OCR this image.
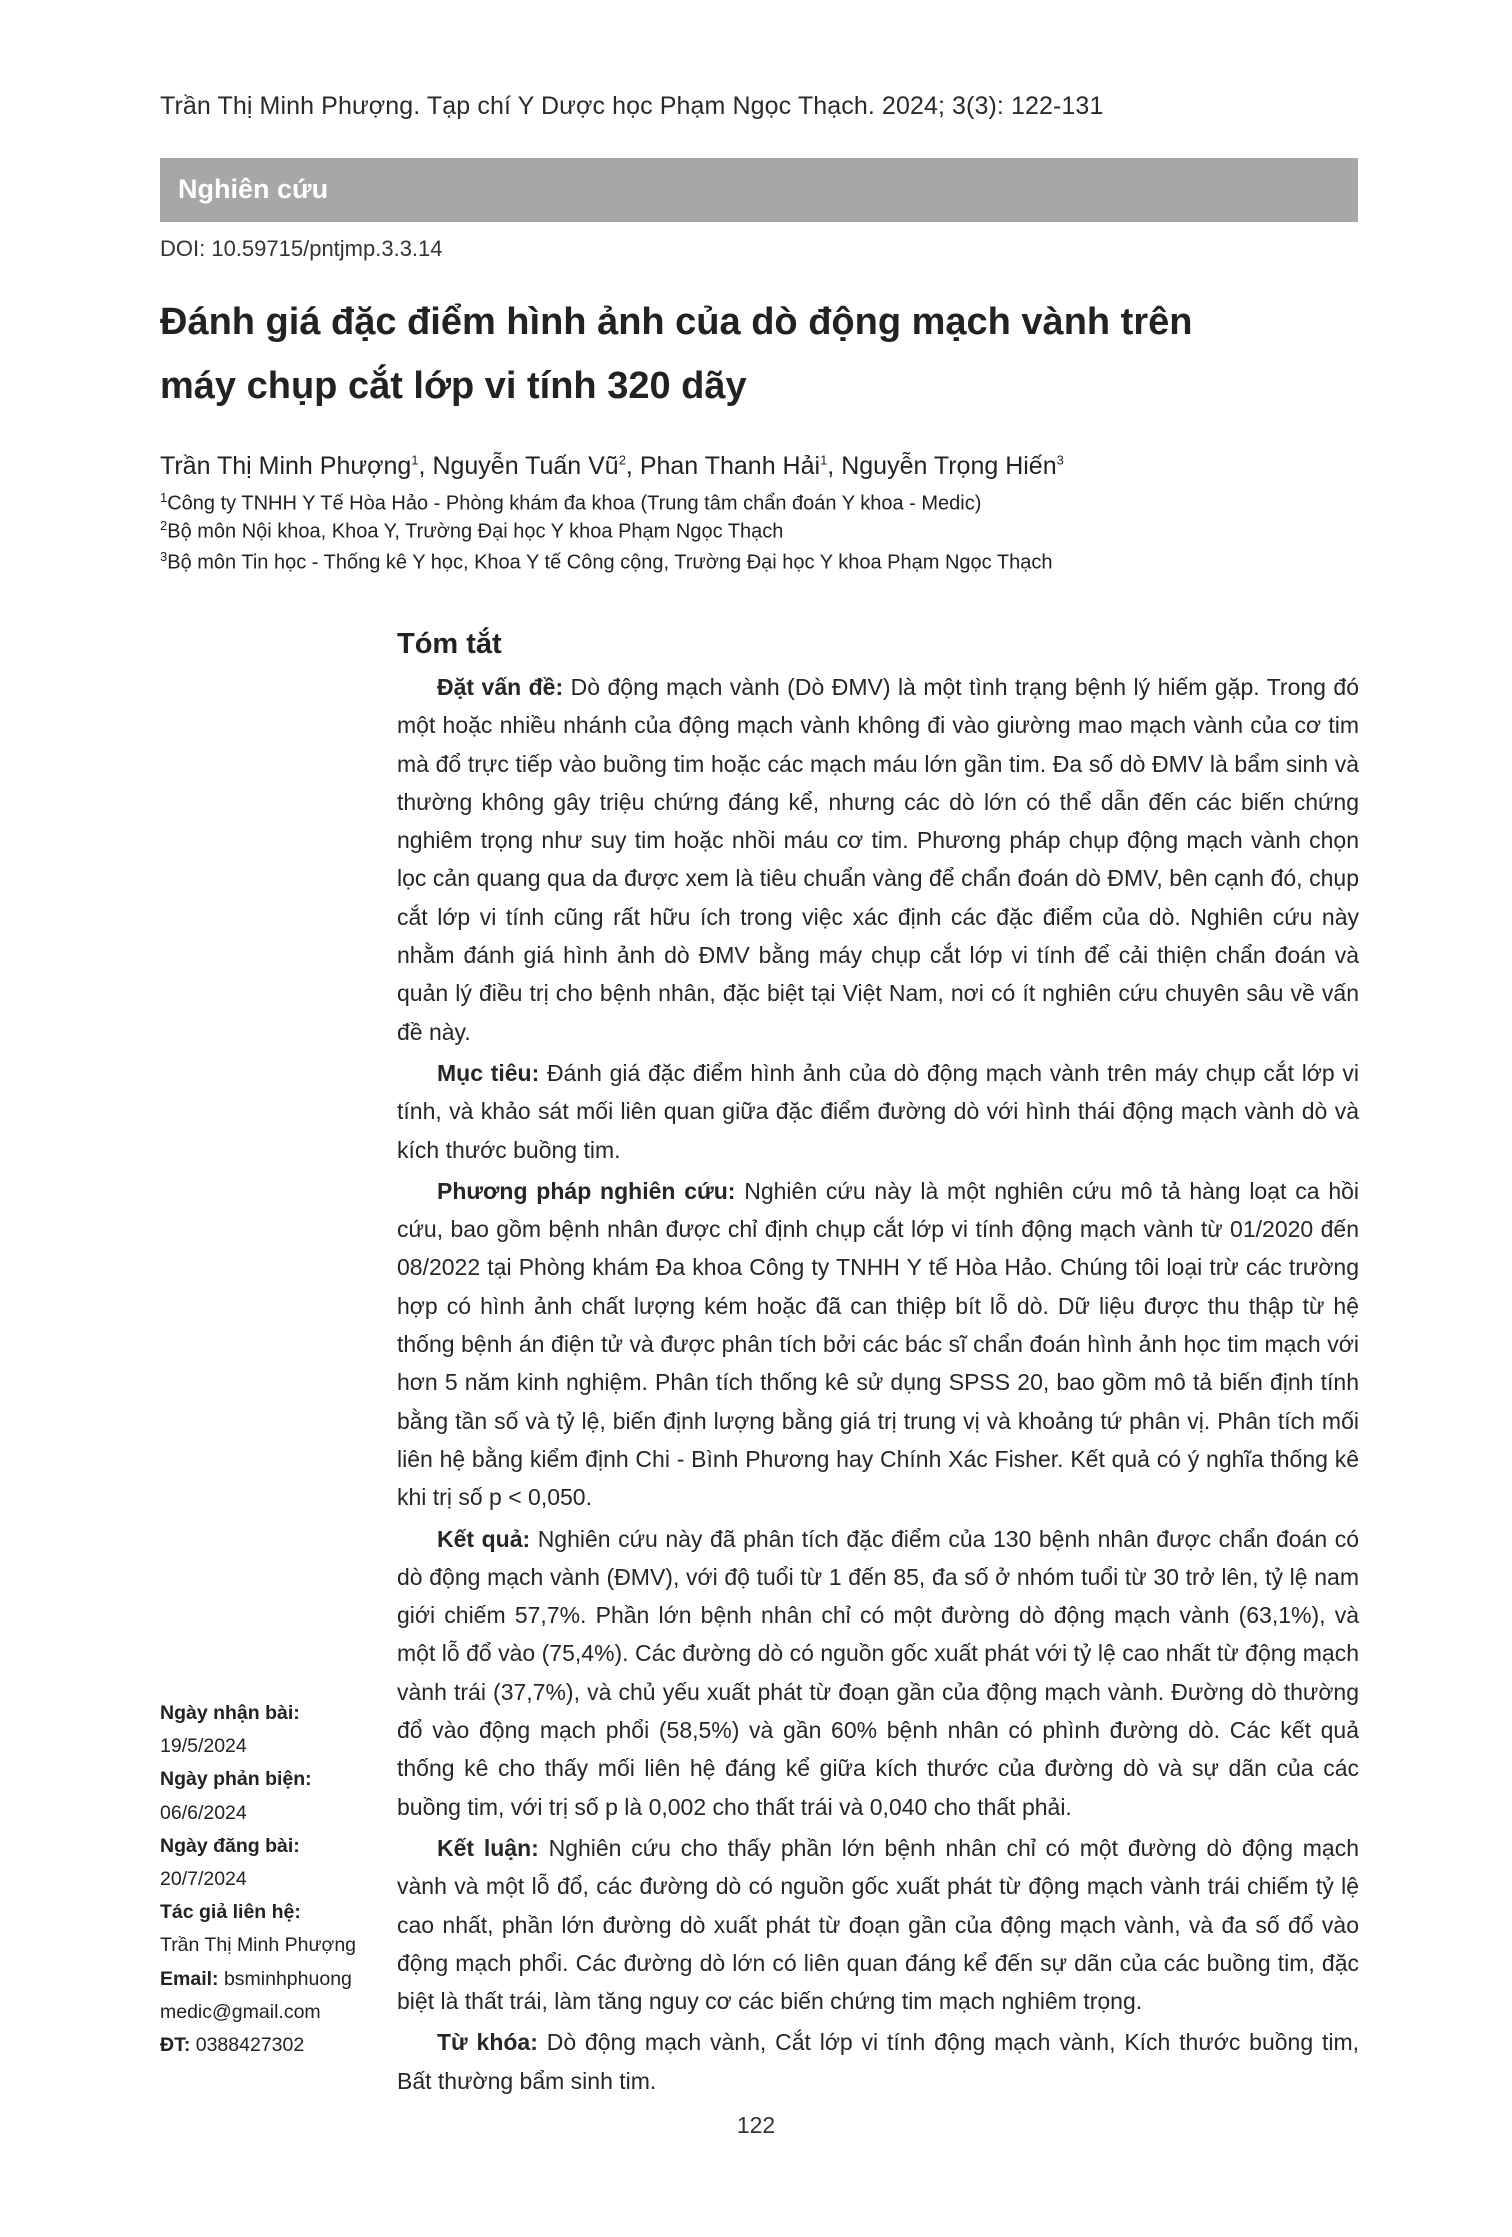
Trần Thị Minh Phượng. Tạp chí Y Dược học Phạm Ngọc Thạch. 2024; 3(3): 122-131
Nghiên cứu
DOI: 10.59715/pntjmp.3.3.14
Đánh giá đặc điểm hình ảnh của dò động mạch vành trên
máy chụp cắt lớp vi tính 320 dãy
Trần Thị Minh Phượng$^1$, Nguyễn Tuấn $Vũ^2$, Phan Thanh Hải$^1$, Nguyễn Trọng Hiến$^3$
$^1$Công ty TNHH Y Tế Hòa Hảo - Phòng khám đa khoa (Trung tâm chẩn đoán Y khoa - Medic)
$^2$Bộ môn Nội khoa, Khoa Y, Trường Đại học Y khoa Phạm Ngọc Thạch
$^3$Bộ môn Tin học - Thống kê Y học, Khoa Y tế Công cộng, Trường Đại học Y khoa Phạm Ngọc Thạch
Tóm tắt

Đặt vấn đề: Dò động mạch vành (Dò ĐMV) là một tình trạng bệnh lý hiếm gặp. Trong đó một hoặc nhiều nhánh của động mạch vành không đi vào giường mao mạch vành của cơ tim mà đổ trực tiếp vào buồng tim hoặc các mạch máu lớn gần tim. Đa số dò ĐMV là bẩm sinh và thường không gây triệu chứng đáng kể, nhưng các dò lớn có thể dẫn đến các biến chứng nghiêm trọng như suy tim hoặc nhồi máu cơ tim. Phương pháp chụp động mạch vành chọn lọc cản quang qua da được xem là tiêu chuẩn vàng để chẩn đoán dò ĐMV, bên cạnh đó, chụp cắt lớp vi tính cũng rất hữu ích trong việc xác định các đặc điểm của dò. Nghiên cứu này nhằm đánh giá hình ảnh dò ĐMV bằng máy chụp cắt lớp vi tính để cải thiện chẩn đoán và quản lý điều trị cho bệnh nhân, đặc biệt tại Việt Nam, nơi có ít nghiên cứu chuyên sâu về vấn đề này.

Mục tiêu: Đánh giá đặc điểm hình ảnh của dò động mạch vành trên máy chụp cắt lớp vi tính, và khảo sát mối liên quan giữa đặc điểm đường dò với hình thái động mạch vành dò và kích thước buồng tim.

Phương pháp nghiên cứu: Nghiên cứu này là một nghiên cứu mô tả hàng loạt ca hồi cứu, bao gồm bệnh nhân được chỉ định chụp cắt lớp vi tính động mạch vành từ 01/2020 đến 08/2022 tại Phòng khám Đa khoa Công ty TNHH Y tế Hòa Hảo. Chúng tôi loại trừ các trường hợp có hình ảnh chất lượng kém hoặc đã can thiệp bít lỗ dò. Dữ liệu được thu thập từ hệ thống bệnh án điện tử và được phân tích bởi các bác sĩ chẩn đoán hình ảnh học tim mạch với hơn 5 năm kinh nghiệm. Phân tích thống kê sử dụng SPSS 20, bao gồm mô tả biến định tính bằng tần số và tỷ lệ, biến định lượng bằng giá trị trung vị và khoảng tứ phân vị. Phân tích mối liên hệ bằng kiểm định Chi - Bình Phương hay Chính Xác Fisher. Kết quả có ý nghĩa thống kê khi trị số p < 0,050.

Kết quả: Nghiên cứu này đã phân tích đặc điểm của 130 bệnh nhân được chẩn đoán có dò động mạch vành (ĐMV), với độ tuổi từ 1 đến 85, đa số ở nhóm tuổi từ 30 trở lên, tỷ lệ nam giới chiếm 57,7%. Phần lớn bệnh nhân chỉ có một đường dò động mạch vành (63,1%), và một lỗ đổ vào (75,4%). Các đường dò có nguồn gốc xuất phát với tỷ lệ cao nhất từ động mạch vành trái (37,7%), và chủ yếu xuất phát từ đoạn gần của động mạch vành. Đường dò thường đổ vào động mạch phổi (58,5%) và gần 60% bệnh nhân có phình đường dò. Các kết quả thống kê cho thấy mối liên hệ đáng kể giữa kích thước của đường dò và sự dãn của các buồng tim, với trị số p là 0,002 cho thất trái và 0,040 cho thất phải.

Kết luận: Nghiên cứu cho thấy phần lớn bệnh nhân chỉ có một đường dò động mạch vành và một lỗ đổ, các đường dò có nguồn gốc xuất phát từ động mạch vành trái chiếm tỷ lệ cao nhất, phần lớn đường dò xuất phát từ đoạn gần của động mạch vành, và đa số đổ vào động mạch phổi. Các đường dò lớn có liên quan đáng kể đến sự dãn của các buồng tim, đặc biệt là thất trái, làm tăng nguy cơ các biến chứng tim mạch nghiêm trọng.

Từ khóa: Dò động mạch vành, Cắt lớp vi tính động mạch vành, Kích thước buồng tim, Bất thường bẩm sinh tim.

Ngày nhận bài:
19/5/2024
Ngày phản biện:
06/6/2024
Ngày đăng bài:
20/7/2024
Tác giả liên hệ:
Trần Thị Minh Phượng
Email: bsminhphuong
medic@gmail.com
ĐT: 0388427302
122
